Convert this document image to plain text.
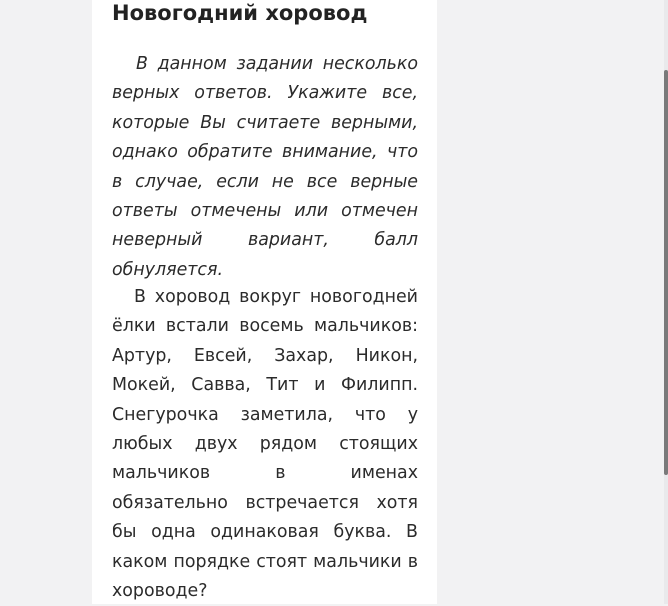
Новогодний хоровод

В данном задании несколько верных ответов. Укажите все, которые Вы считаете верными, однако обратите внимание, что в случае, если не все верные ответы отмечены или отмечен неверный вариант, балл обнуляется.

В хоровод вокруг новогодней ёлки встали восемь мальчиков: Артур, Евсей, Захар, Никон, Мокей, Савва, Тит и Филипп. Снегурочка заметила, что у любых двух рядом стоящих мальчиков в именах обязательно встречается хотя бы одна одинаковая буква. В каком порядке стоят мальчики в хороводе?
